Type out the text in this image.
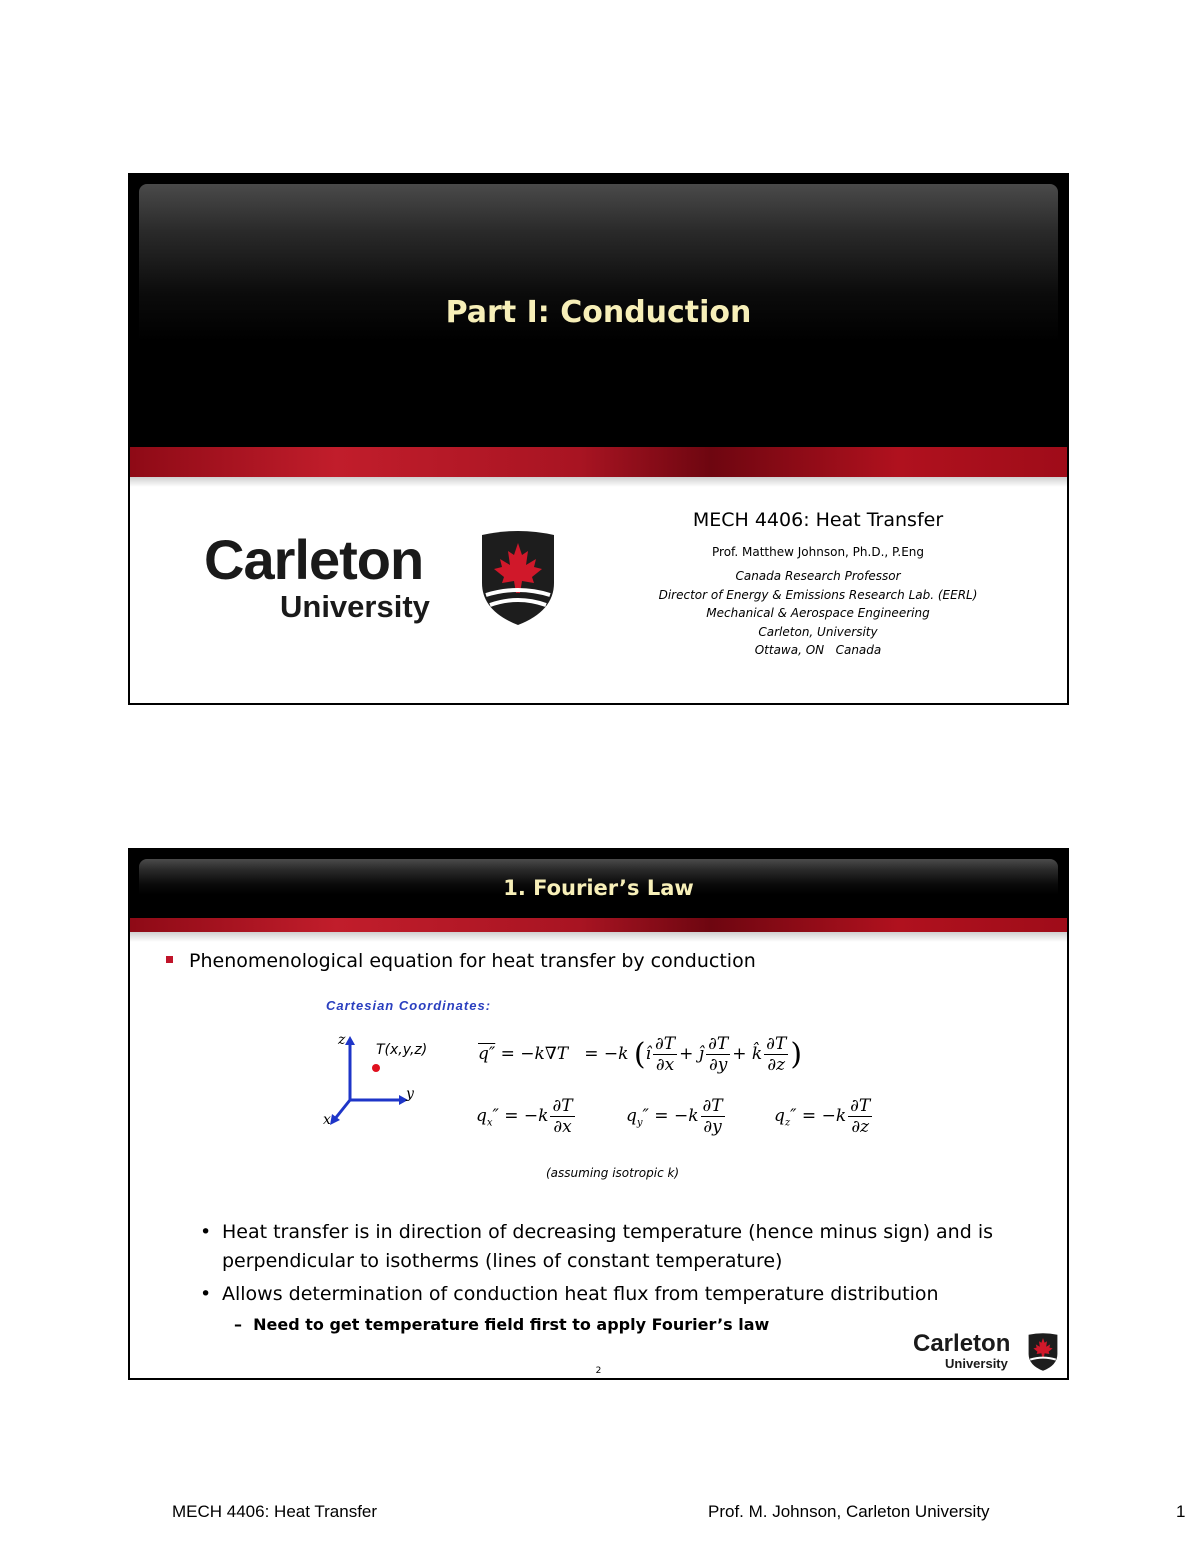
Part I: Conduction
Carleton
University
MECH 4406: Heat Transfer
Prof. Matthew Johnson, Ph.D., P.Eng
Canada Research Professor
Director of Energy & Emissions Research Lab. (EERL)
Mechanical & Aerospace Engineering
Carleton, University
Ottawa, ON   Canada
1. Fourier’s Law
Phenomenological equation for heat transfer by conduction
Cartesian Coordinates:
z
y
x
T(x,y,z)	q″ = −k∇T   = −k (î $\frac{\partial T}{\partial x}$ + ĵ $\frac{\partial T}{\partial y}$ + k̂ $\frac{\partial T}{\partial z}$ )
$q_x'' = -k \frac{\partial T}{\partial x}$	$q_y'' = -k \frac{\partial T}{\partial y}$	$q_z'' = -k \frac{\partial T}{\partial z}$
(assuming isotropic k)
• Heat transfer is in direction of decreasing temperature (hence minus sign) and is perpendicular to isotherms (lines of constant temperature)
• Allows determination of conduction heat flux from temperature distribution
– Need to get temperature field first to apply Fourier’s law
Carleton
University
2
MECH 4406: Heat Transfer	Prof. M. Johnson, Carleton University	1
